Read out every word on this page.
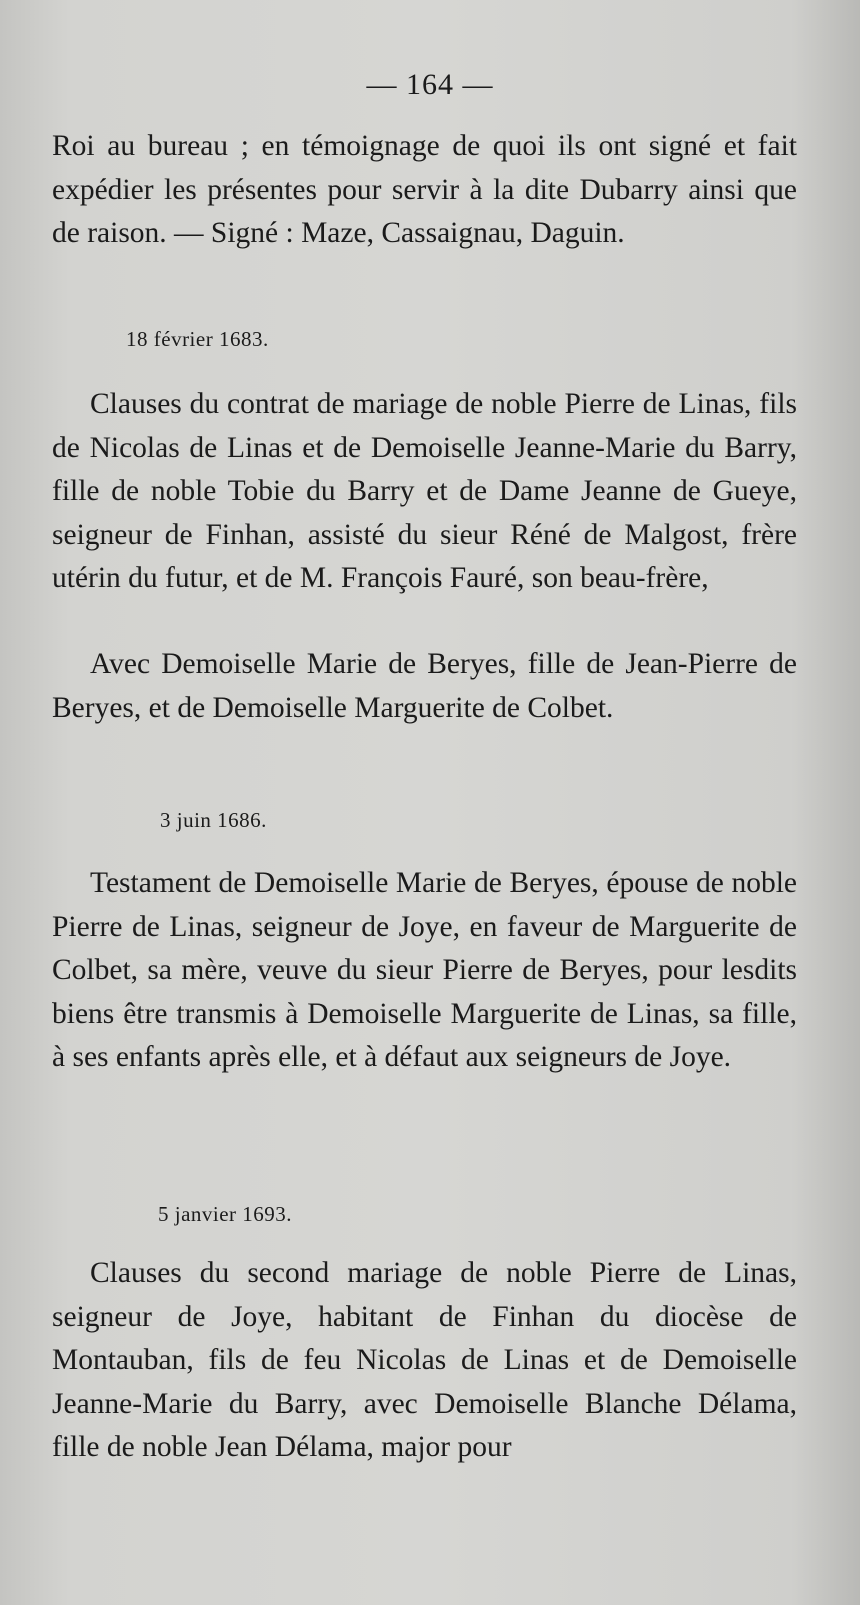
— 164 —

Roi au bureau ; en témoignage de quoi ils ont signé et fait expédier les présentes pour servir à la dite Dubarry ainsi que de raison. — Signé : Maze, Cassaignau, Daguin.

18 février 1683.

Clauses du contrat de mariage de noble Pierre de Linas, fils de Nicolas de Linas et de Demoiselle Jeanne-Marie du Barry, fille de noble Tobie du Barry et de Dame Jeanne de Gueye, seigneur de Finhan, assisté du sieur Réné de Malgost, frère utérin du futur, et de M. François Fauré, son beau-frère,

Avec Demoiselle Marie de Beryes, fille de Jean-Pierre de Beryes, et de Demoiselle Marguerite de Colbet.

3 juin 1686.

Testament de Demoiselle Marie de Beryes, épouse de noble Pierre de Linas, seigneur de Joye, en faveur de Marguerite de Colbet, sa mère, veuve du sieur Pierre de Beryes, pour lesdits biens être transmis à Demoiselle Marguerite de Linas, sa fille, à ses enfants après elle, et à défaut aux seigneurs de Joye.

5 janvier 1693.

Clauses du second mariage de noble Pierre de Linas, seigneur de Joye, habitant de Finhan du diocèse de Montauban, fils de feu Nicolas de Linas et de Demoiselle Jeanne-Marie du Barry, avec Demoiselle Blanche Délama, fille de noble Jean Délama, major pour
